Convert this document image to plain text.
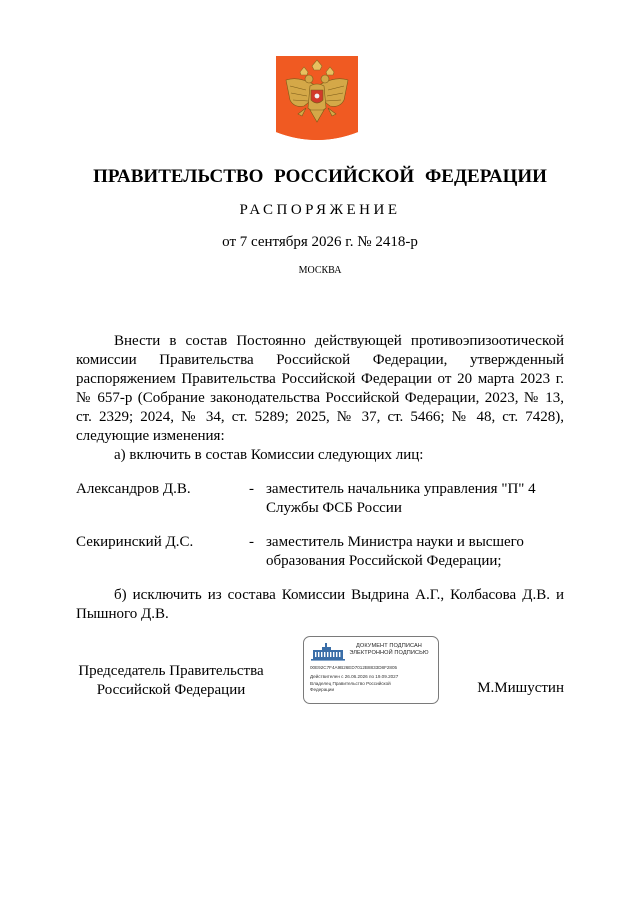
ПРАВИТЕЛЬСТВО РОССИЙСКОЙ ФЕДЕРАЦИИ
РАСПОРЯЖЕНИЕ
от 7 сентября 2026 г. № 2418-р
МОСКВА
Внести в состав Постоянно действующей противоэпизоотической комиссии Правительства Российской Федерации, утвержденный распоряжением Правительства Российской Федерации от 20 марта 2023 г. № 657-р (Собрание законодательства Российской Федерации, 2023, № 13, ст. 2329; 2024, № 34, ст. 5289; 2025, № 37, ст. 5466; № 48, ст. 7428), следующие изменения:
а) включить в состав Комиссии следующих лиц:
Александров Д.В.	- заместитель начальника управления "П" 4 Службы ФСБ России
Секиринский Д.С.	- заместитель Министра науки и высшего образования Российской Федерации;
б) исключить из состава Комиссии Выдрина А.Г., Колбасова Д.В. и Пышного Д.В.
Председатель Правительства
Российской Федерации	М.Мишустин
ДОКУМЕНТ ПОДПИСАН
ЭЛЕКТРОННОЙ ПОДПИСЬЮ
00E92C7F4A9B26ED7012B8833D8F2805
Действителен с 26.06.2026 по 19.09.2027
Владелец Правительство Российской
Федерации
